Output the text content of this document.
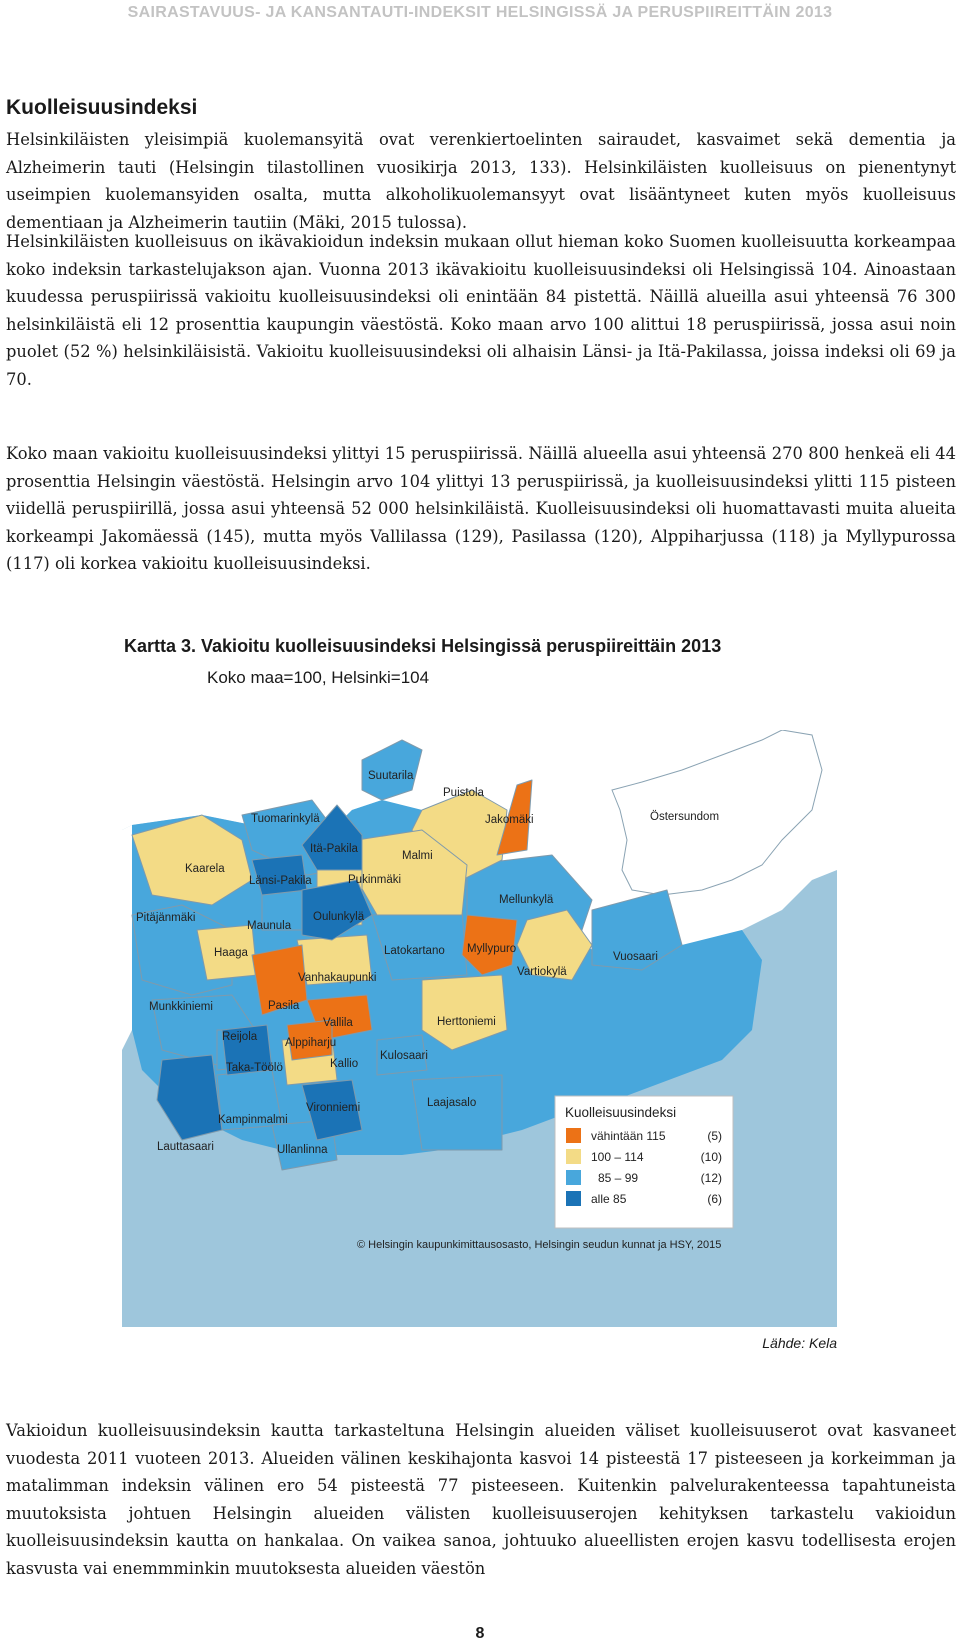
SAIRASTAVUUS- JA KANSANTAUTI-INDEKSIT HELSINGISSÄ JA PERUSPIIREITTÄIN 2013
Kuolleisuusindeksi

Helsinkiläisten yleisimpiä kuolemansyitä ovat verenkiertoelinten sairaudet, kasvaimet sekä dementia ja Alzheimerin tauti (Helsingin tilastollinen vuosikirja 2013, 133). Helsinkiläisten kuolleisuus on pienentynyt useimpien kuolemansyiden osalta, mutta alkoholikuolemansyyt ovat lisääntyneet kuten myös kuolleisuus dementiaan ja Alzheimerin tautiin (Mäki, 2015 tulossa).

Helsinkiläisten kuolleisuus on ikävakioidun indeksin mukaan ollut hieman koko Suomen kuolleisuutta korkeampaa koko indeksin tarkastelujakson ajan. Vuonna 2013 ikävakioitu kuolleisuusindeksi oli Helsingissä 104. Ainoastaan kuudessa peruspiirissä vakioitu kuolleisuusindeksi oli enintään 84 pistettä. Näillä alueilla asui yhteensä 76 300 helsinkiläistä eli 12 prosenttia kaupungin väestöstä. Koko maan arvo 100 alittui 18 peruspiirissä, jossa asui noin puolet (52 %) helsinkiläisistä. Vakioitu kuolleisuusindeksi oli alhaisin Länsi- ja Itä-Pakilassa, joissa indeksi oli 69 ja 70.

Koko maan vakioitu kuolleisuusindeksi ylittyi 15 peruspiirissä. Näillä alueella asui yhteensä 270 800 henkeä eli 44 prosenttia Helsingin väestöstä. Helsingin arvo 104 ylittyi 13 peruspiirissä, ja kuolleisuusindeksi ylitti 115 pisteen viidellä peruspiirillä, jossa asui yhteensä 52 000 helsinkiläistä. Kuolleisuusindeksi oli huomattavasti muita alueita korkeampi Jakomäessä (145), mutta myös Vallilassa (129), Pasilassa (120), Alppiharjussa (118) ja Myllypurossa (117) oli korkea vakioitu kuolleisuusindeksi.

Kartta 3. Vakioitu kuolleisuusindeksi Helsingissä peruspiireittäin 2013
Koko maa=100, Helsinki=104
Suutarila
Puistola
Tuomarinkylä	Jakomäki	Östersundom
Itä-Pakila
Malmi
Kaarela
Länsi-Pakila	Pukinmäki
Mellunkylä
Pitäjänmäki
Maunula
Oulunkylä
Haaga	Latokartano Myllypuro
Vuosaari
Vartiokylä
Vanhakaupunki
Munkkiniemi	Pasila
Vallila	Herttoniemi
Reijola Alppiharju
Kallio
Kulosaari
Taka-Töölö
Vironniemi	Laajasalo
Kampinmalmi
Lauttasaari	Ullanlinna
Kuolleisuusindeksi
vähintään 115	(5)
100 – 114	(10)
85 – 99	(12)
alle 85	(6)
© Helsingin kaupunkimittausosasto, Helsingin seudun kunnat ja HSY, 2015
Lähde: Kela

Vakioidun kuolleisuusindeksin kautta tarkasteltuna Helsingin alueiden väliset kuolleisuuserot ovat kasvaneet vuodesta 2011 vuoteen 2013. Alueiden välinen keskihajonta kasvoi 14 pisteestä 17 pisteeseen ja korkeimman ja matalimman indeksin välinen ero 54 pisteestä 77 pisteeseen. Kuitenkin palvelurakenteessa tapahtuneista muutoksista johtuen Helsingin alueiden välisten kuolleisuuserojen kehityksen tarkastelu vakioidun kuolleisuusindeksin kautta on hankalaa. On vaikea sanoa, johtuuko alueellisten erojen kasvu todellisesta erojen kasvusta vai enemmminkin muutoksesta alueiden väestön

8
